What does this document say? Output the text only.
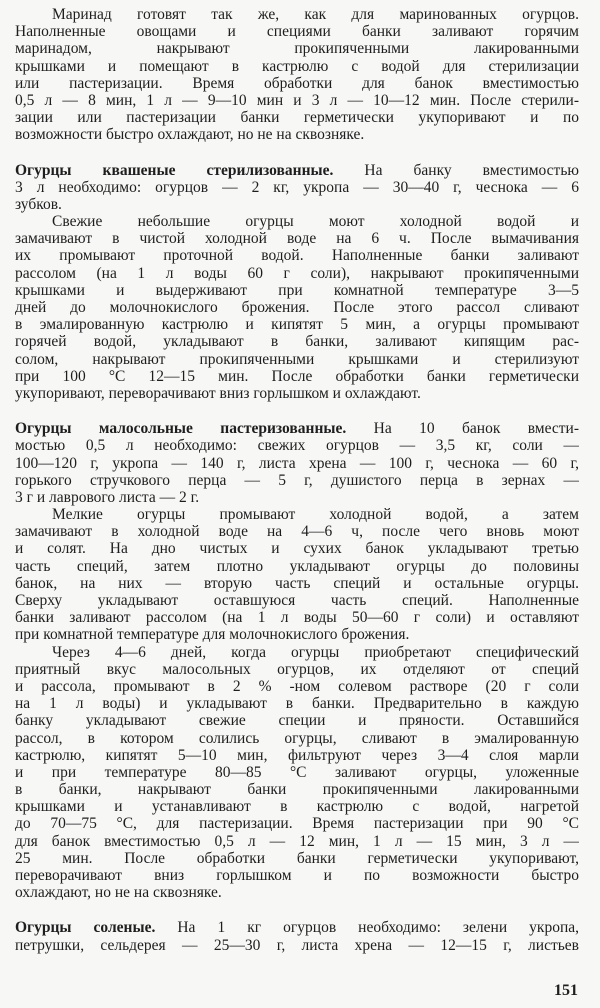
Маринад готовят так же, как для маринованных огурцов.
Наполненные овощами и специями банки заливают горячим
маринадом, накрывают прокипяченными лакированными
крышками и помещают в кастрюлю с водой для стерилизации
или пастеризации. Время обработки для банок вместимостью
0,5 л — 8 мин, 1 л — 9—10 мин и 3 л — 10—12 мин. После стерили-
зации или пастеризации банки герметически укупоривают и по
возможности быстро охлаждают, но не на сквозняке.
Огурцы квашеные стерилизованные. На банку вместимостью
3 л необходимо: огурцов — 2 кг, укропа — 30—40 г, чеснока — 6
зубков.
Свежие небольшие огурцы моют холодной водой и
замачивают в чистой холодной воде на 6 ч. После вымачивания
их промывают проточной водой. Наполненные банки заливают
рассолом (на 1 л воды 60 г соли), накрывают прокипяченными
крышками и выдерживают при комнатной температуре 3—5
дней до молочнокислого брожения. После этого рассол сливают
в эмалированную кастрюлю и кипятят 5 мин, а огурцы промывают
горячей водой, укладывают в банки, заливают кипящим рас-
солом, накрывают прокипяченными крышками и стерилизуют
при 100 °С 12—15 мин. После обработки банки герметически
укупоривают, переворачивают вниз горлышком и охлаждают.
Огурцы малосольные пастеризованные. На 10 банок вмести-
мостью 0,5 л необходимо: свежих огурцов — 3,5 кг, соли —
100—120 г, укропа — 140 г, листа хрена — 100 г, чеснока — 60 г,
горького стручкового перца — 5 г, душистого перца в зернах —
3 г и лаврового листа — 2 г.
Мелкие огурцы промывают холодной водой, а затем
замачивают в холодной воде на 4—6 ч, после чего вновь моют
и солят. На дно чистых и сухих банок укладывают третью
часть специй, затем плотно укладывают огурцы до половины
банок, на них — вторую часть специй и остальные огурцы.
Сверху укладывают оставшуюся часть специй. Наполненные
банки заливают рассолом (на 1 л воды 50—60 г соли) и оставляют
при комнатной температуре для молочнокислого брожения.
Через 4—6 дней, когда огурцы приобретают специфический
приятный вкус малосольных огурцов, их отделяют от специй
и рассола, промывают в 2 % -ном солевом растворе (20 г соли
на 1 л воды) и укладывают в банки. Предварительно в каждую
банку укладывают свежие специи и пряности. Оставшийся
рассол, в котором солились огурцы, сливают в эмалированную
кастрюлю, кипятят 5—10 мин, фильтруют через 3—4 слоя марли
и при температуре 80—85 °С заливают огурцы, уложенные
в банки, накрывают банки прокипяченными лакированными
крышками и устанавливают в кастрюлю с водой, нагретой
до 70—75 °С, для пастеризации. Время пастеризации при 90 °С
для банок вместимостью 0,5 л — 12 мин, 1 л — 15 мин, 3 л —
25 мин. После обработки банки герметически укупоривают,
переворачивают вниз горлышком и по возможности быстро
охлаждают, но не на сквозняке.
Огурцы соленые. На 1 кг огурцов необходимо: зелени укропа,
петрушки, сельдерея — 25—30 г, листа хрена — 12—15 г, листьев
151
